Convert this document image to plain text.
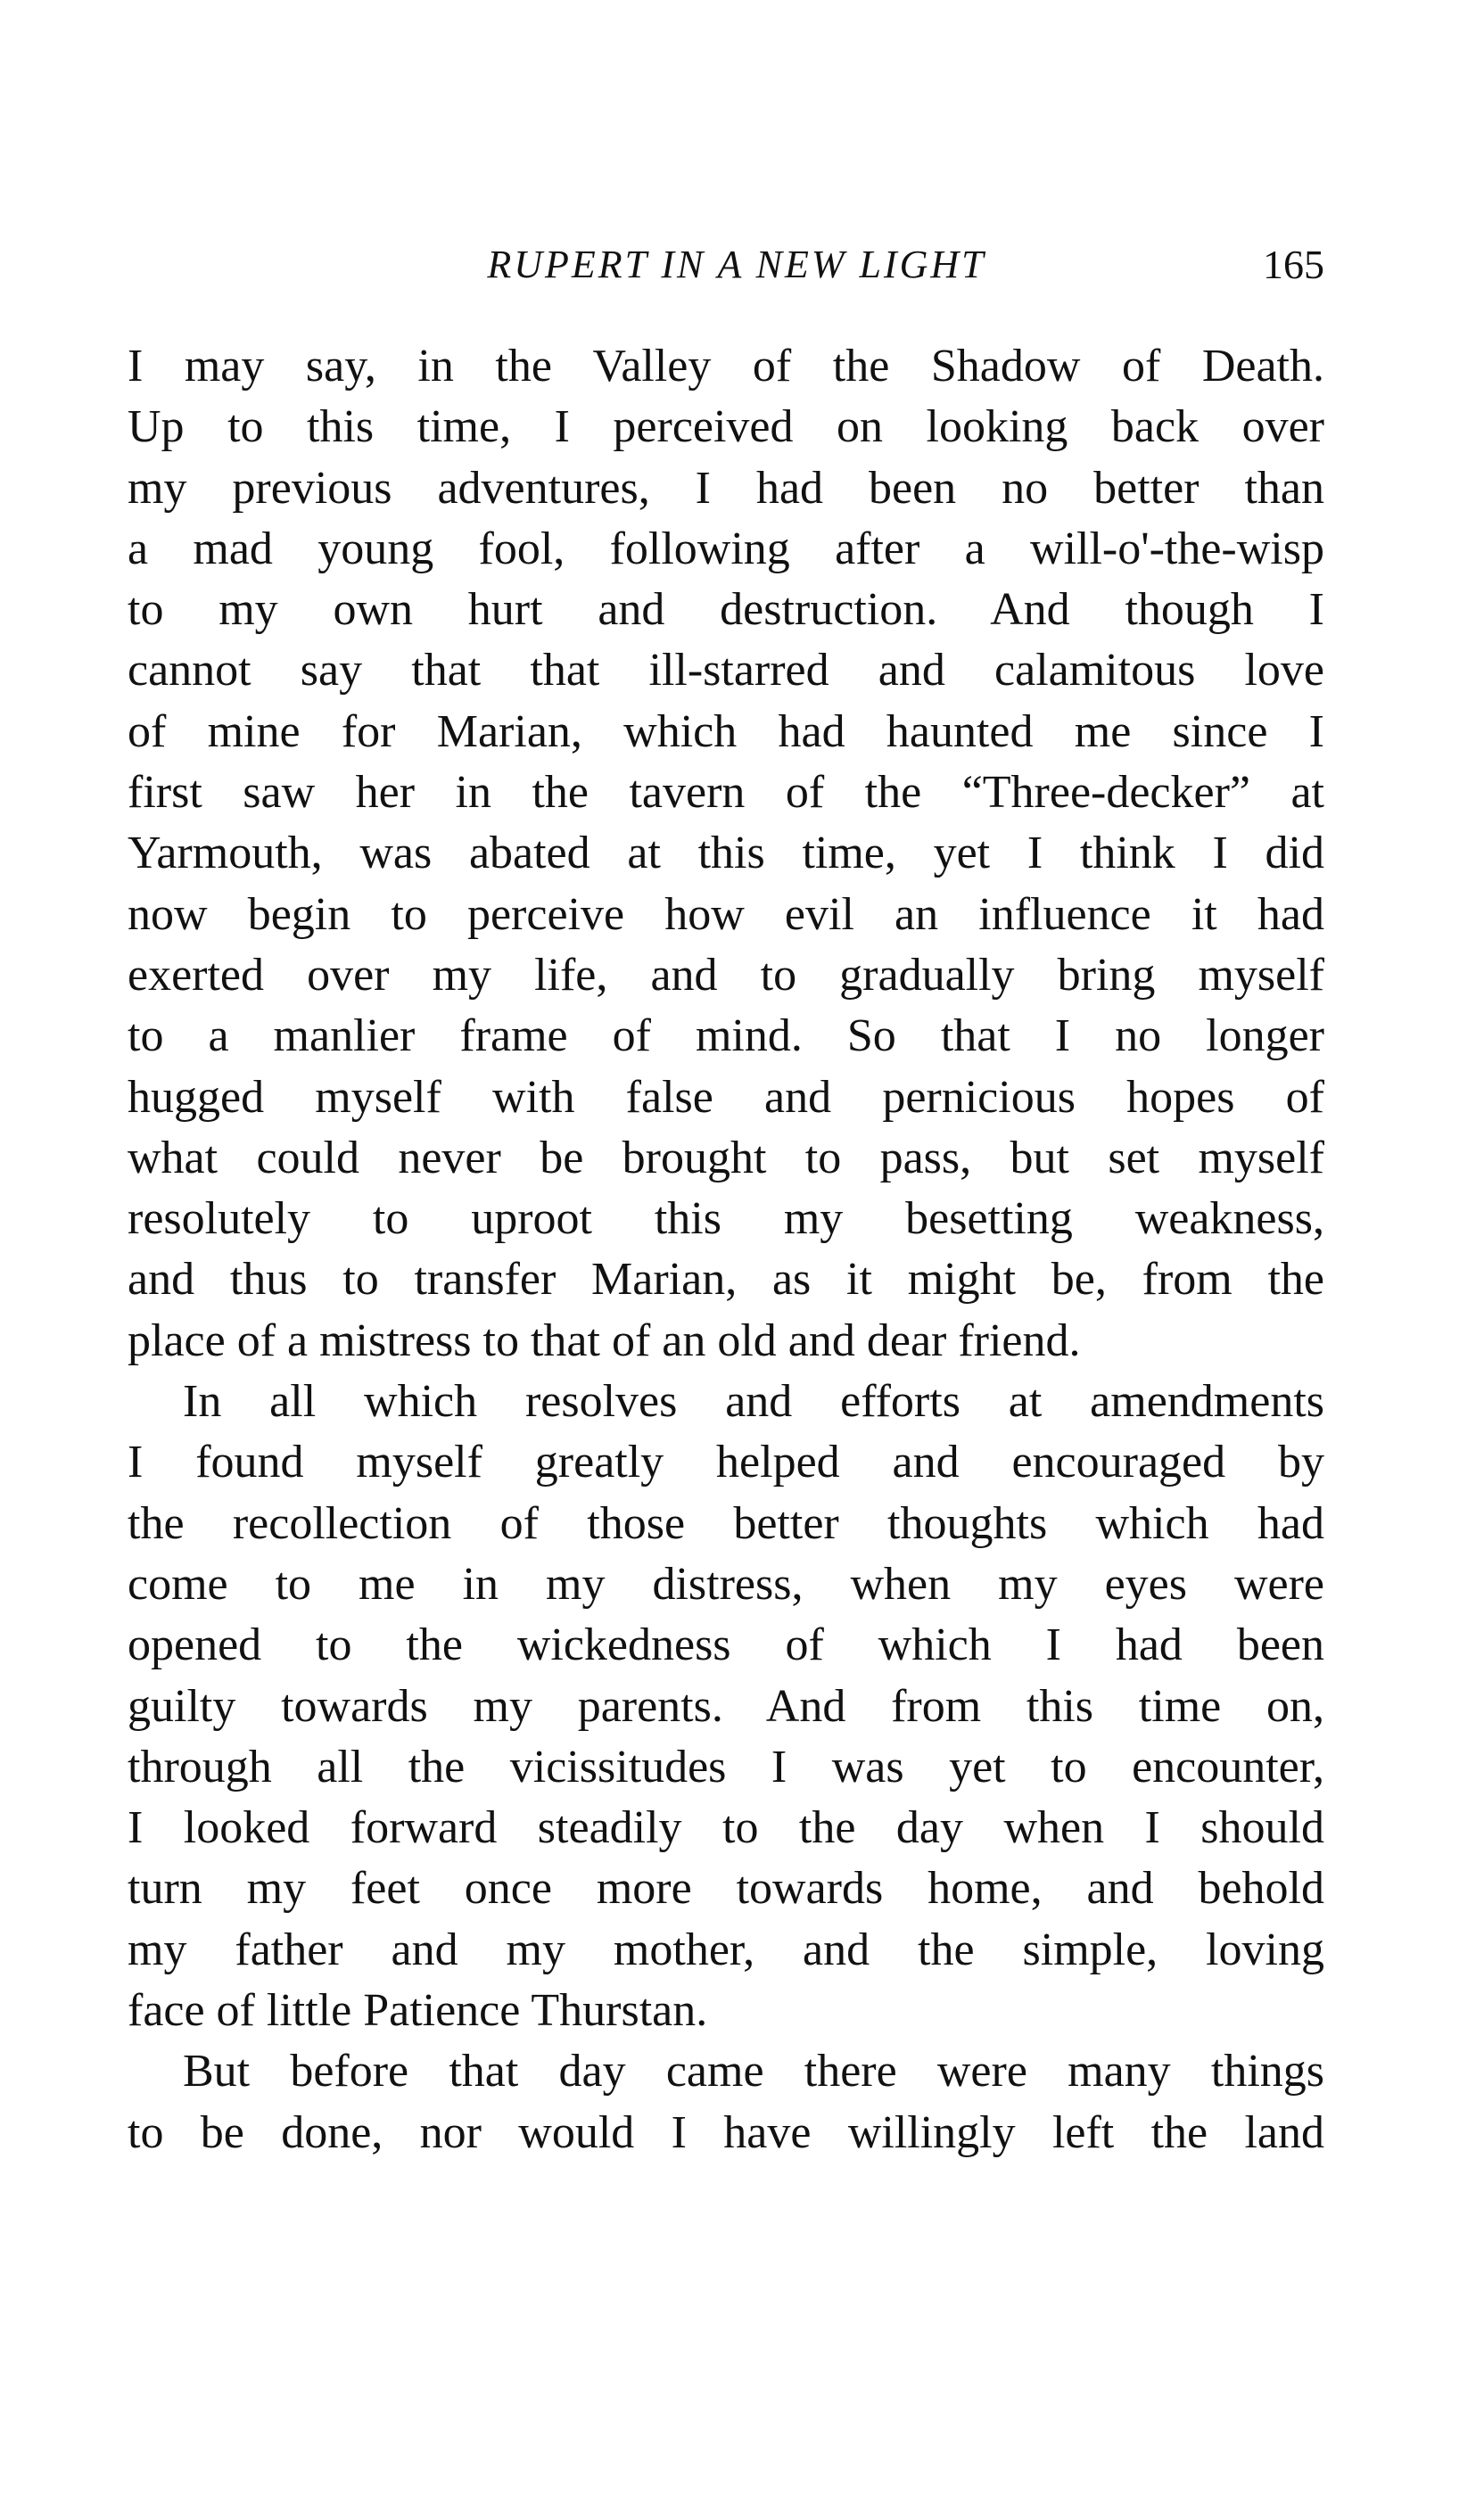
RUPERT IN A NEW LIGHT	165
I may say, in the Valley of the Shadow of Death.
Up to this time, I perceived on looking back over
my previous adventures, I had been no better than
a mad young fool, following after a will-o'-the-wisp
to my own hurt and destruction. And though I
cannot say that that ill-starred and calamitous love
of mine for Marian, which had haunted me since I
first saw her in the tavern of the “Three-decker” at
Yarmouth, was abated at this time, yet I think I did
now begin to perceive how evil an influence it had
exerted over my life, and to gradually bring myself
to a manlier frame of mind. So that I no longer
hugged myself with false and pernicious hopes of
what could never be brought to pass, but set myself
resolutely to uproot this my besetting weakness,
and thus to transfer Marian, as it might be, from the
place of a mistress to that of an old and dear friend.
In all which resolves and efforts at amendments
I found myself greatly helped and encouraged by
the recollection of those better thoughts which had
come to me in my distress, when my eyes were
opened to the wickedness of which I had been
guilty towards my parents. And from this time on,
through all the vicissitudes I was yet to encounter,
I looked forward steadily to the day when I should
turn my feet once more towards home, and behold
my father and my mother, and the simple, loving
face of little Patience Thurstan.
But before that day came there were many things
to be done, nor would I have willingly left the land
